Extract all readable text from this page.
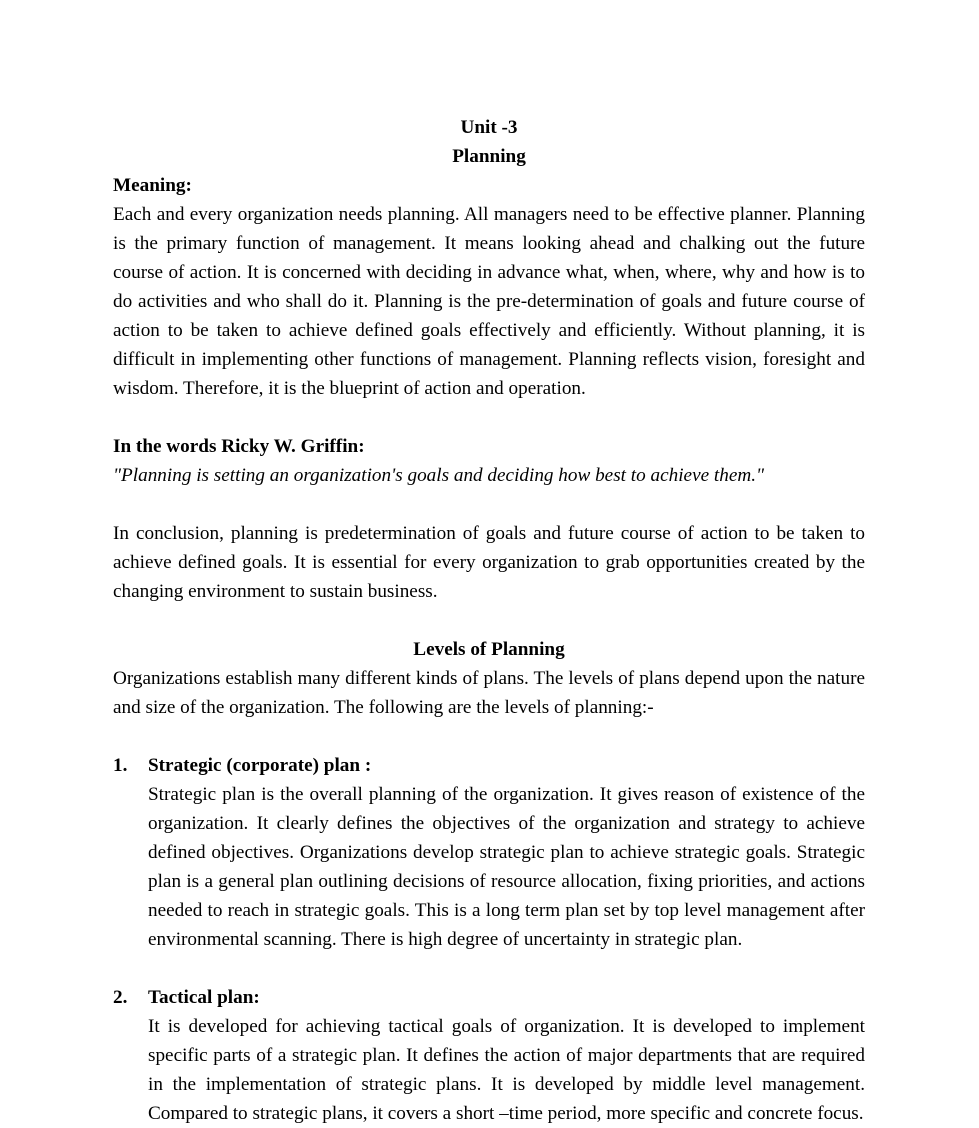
Unit -3
Planning
Meaning:

Each and every organization needs planning. All managers need to be effective planner. Planning is the primary function of management. It means looking ahead and chalking out the future course of action. It is concerned with deciding in advance what, when, where, why and how is to do activities and who shall do it. Planning is the pre-determination of goals and future course of action to be taken to achieve defined goals effectively and efficiently. Without planning, it is difficult in implementing other functions of management. Planning reflects vision, foresight and wisdom. Therefore, it is the blueprint of action and operation.

In the words Ricky W. Griffin:

"Planning is setting an organization's goals and deciding how best to achieve them."

In conclusion, planning is predetermination of goals and future course of action to be taken to achieve defined goals. It is essential for every organization to grab opportunities created by the changing environment to sustain business.

Levels of Planning

Organizations establish many different kinds of plans. The levels of plans depend upon the nature and size of the organization. The following are the levels of planning:-

1.	Strategic (corporate) plan :

Strategic plan is the overall planning of the organization. It gives reason of existence of the organization. It clearly defines the objectives of the organization and strategy to achieve defined objectives. Organizations develop strategic plan to achieve strategic goals. Strategic plan is a general plan outlining decisions of resource allocation, fixing priorities, and actions needed to reach in strategic goals. This is a long term plan set by top level management after environmental scanning. There is high degree of uncertainty in strategic plan.

2.	Tactical plan:

It is developed for achieving tactical goals of organization. It is developed to implement specific parts of a strategic plan. It defines the action of major departments that are required in the implementation of strategic plans. It is developed by middle level management. Compared to strategic plans, it covers a short –time period, more specific and concrete focus.
